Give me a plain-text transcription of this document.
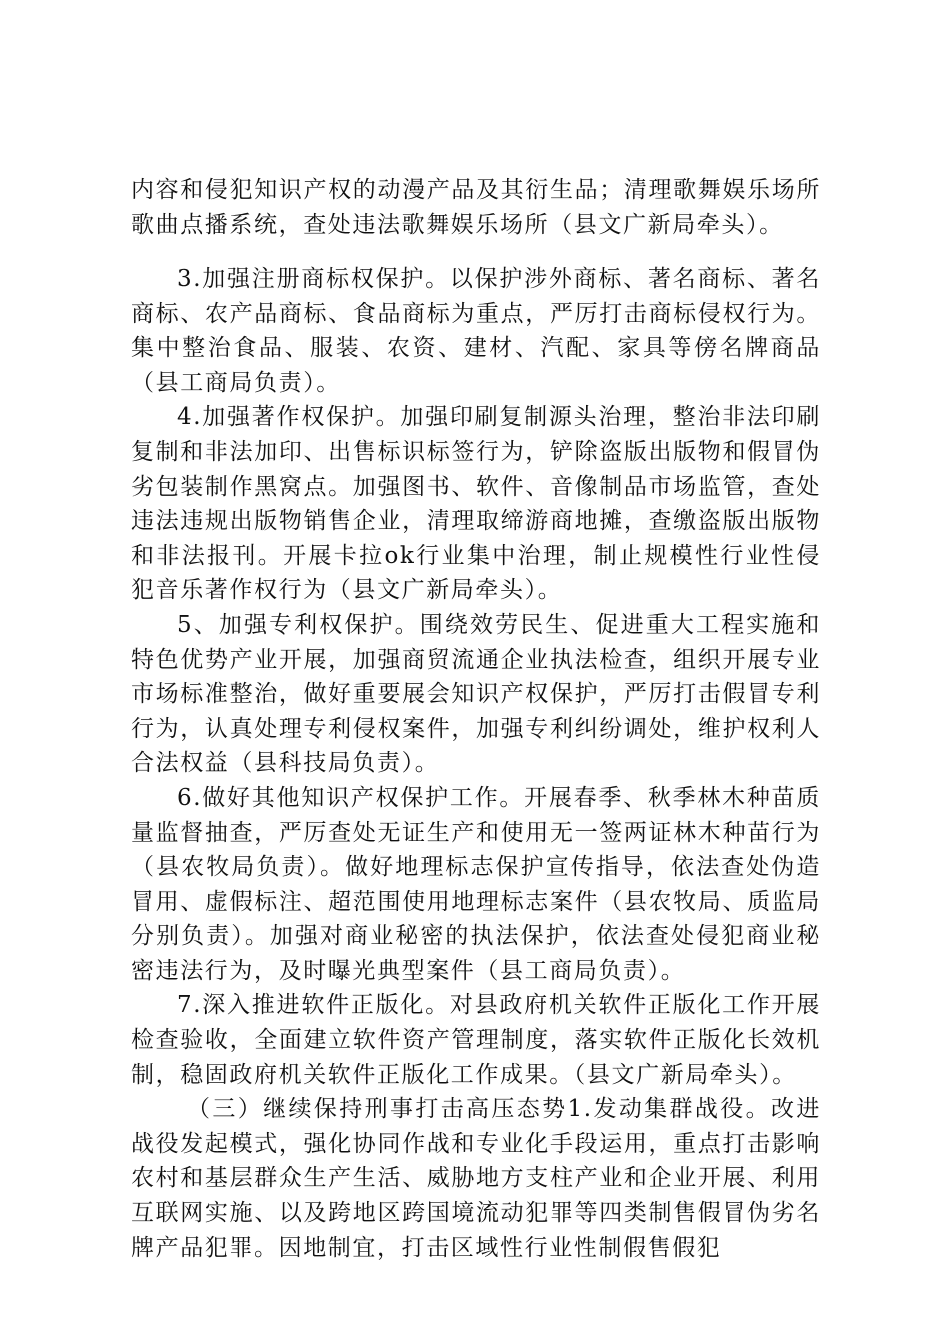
内容和侵犯知识产权的动漫产品及其衍生品；清理歌舞娱乐场所歌曲点播系统，查处违法歌舞娱乐场所（县文广新局牵头）。

3.加强注册商标权保护。以保护涉外商标、著名商标、著名商标、农产品商标、食品商标为重点，严厉打击商标侵权行为。集中整治食品、服装、农资、建材、汽配、家具等傍名牌商品（县工商局负责）。

4.加强著作权保护。加强印刷复制源头治理，整治非法印刷复制和非法加印、出售标识标签行为，铲除盗版出版物和假冒伪劣包装制作黑窝点。加强图书、软件、音像制品市场监管，查处违法违规出版物销售企业，清理取缔游商地摊，查缴盗版出版物和非法报刊。开展卡拉ok行业集中治理，制止规模性行业性侵犯音乐著作权行为（县文广新局牵头）。

5、加强专利权保护。围绕效劳民生、促进重大工程实施和特色优势产业开展，加强商贸流通企业执法检查，组织开展专业市场标准整治，做好重要展会知识产权保护，严厉打击假冒专利行为，认真处理专利侵权案件，加强专利纠纷调处，维护权利人合法权益（县科技局负责）。

6.做好其他知识产权保护工作。开展春季、秋季林木种苗质量监督抽查，严厉查处无证生产和使用无一签两证林木种苗行为（县农牧局负责）。做好地理标志保护宣传指导，依法查处伪造冒用、虚假标注、超范围使用地理标志案件（县农牧局、质监局分别负责）。加强对商业秘密的执法保护，依法查处侵犯商业秘密违法行为，及时曝光典型案件（县工商局负责）。

7.深入推进软件正版化。对县政府机关软件正版化工作开展检查验收，全面建立软件资产管理制度，落实软件正版化长效机制，稳固政府机关软件正版化工作成果。（县文广新局牵头）。

（三）继续保持刑事打击高压态势1.发动集群战役。改进战役发起模式，强化协同作战和专业化手段运用，重点打击影响农村和基层群众生产生活、威胁地方支柱产业和企业开展、利用互联网实施、以及跨地区跨国境流动犯罪等四类制售假冒伪劣名牌产品犯罪。因地制宜，打击区域性行业性制假售假犯
